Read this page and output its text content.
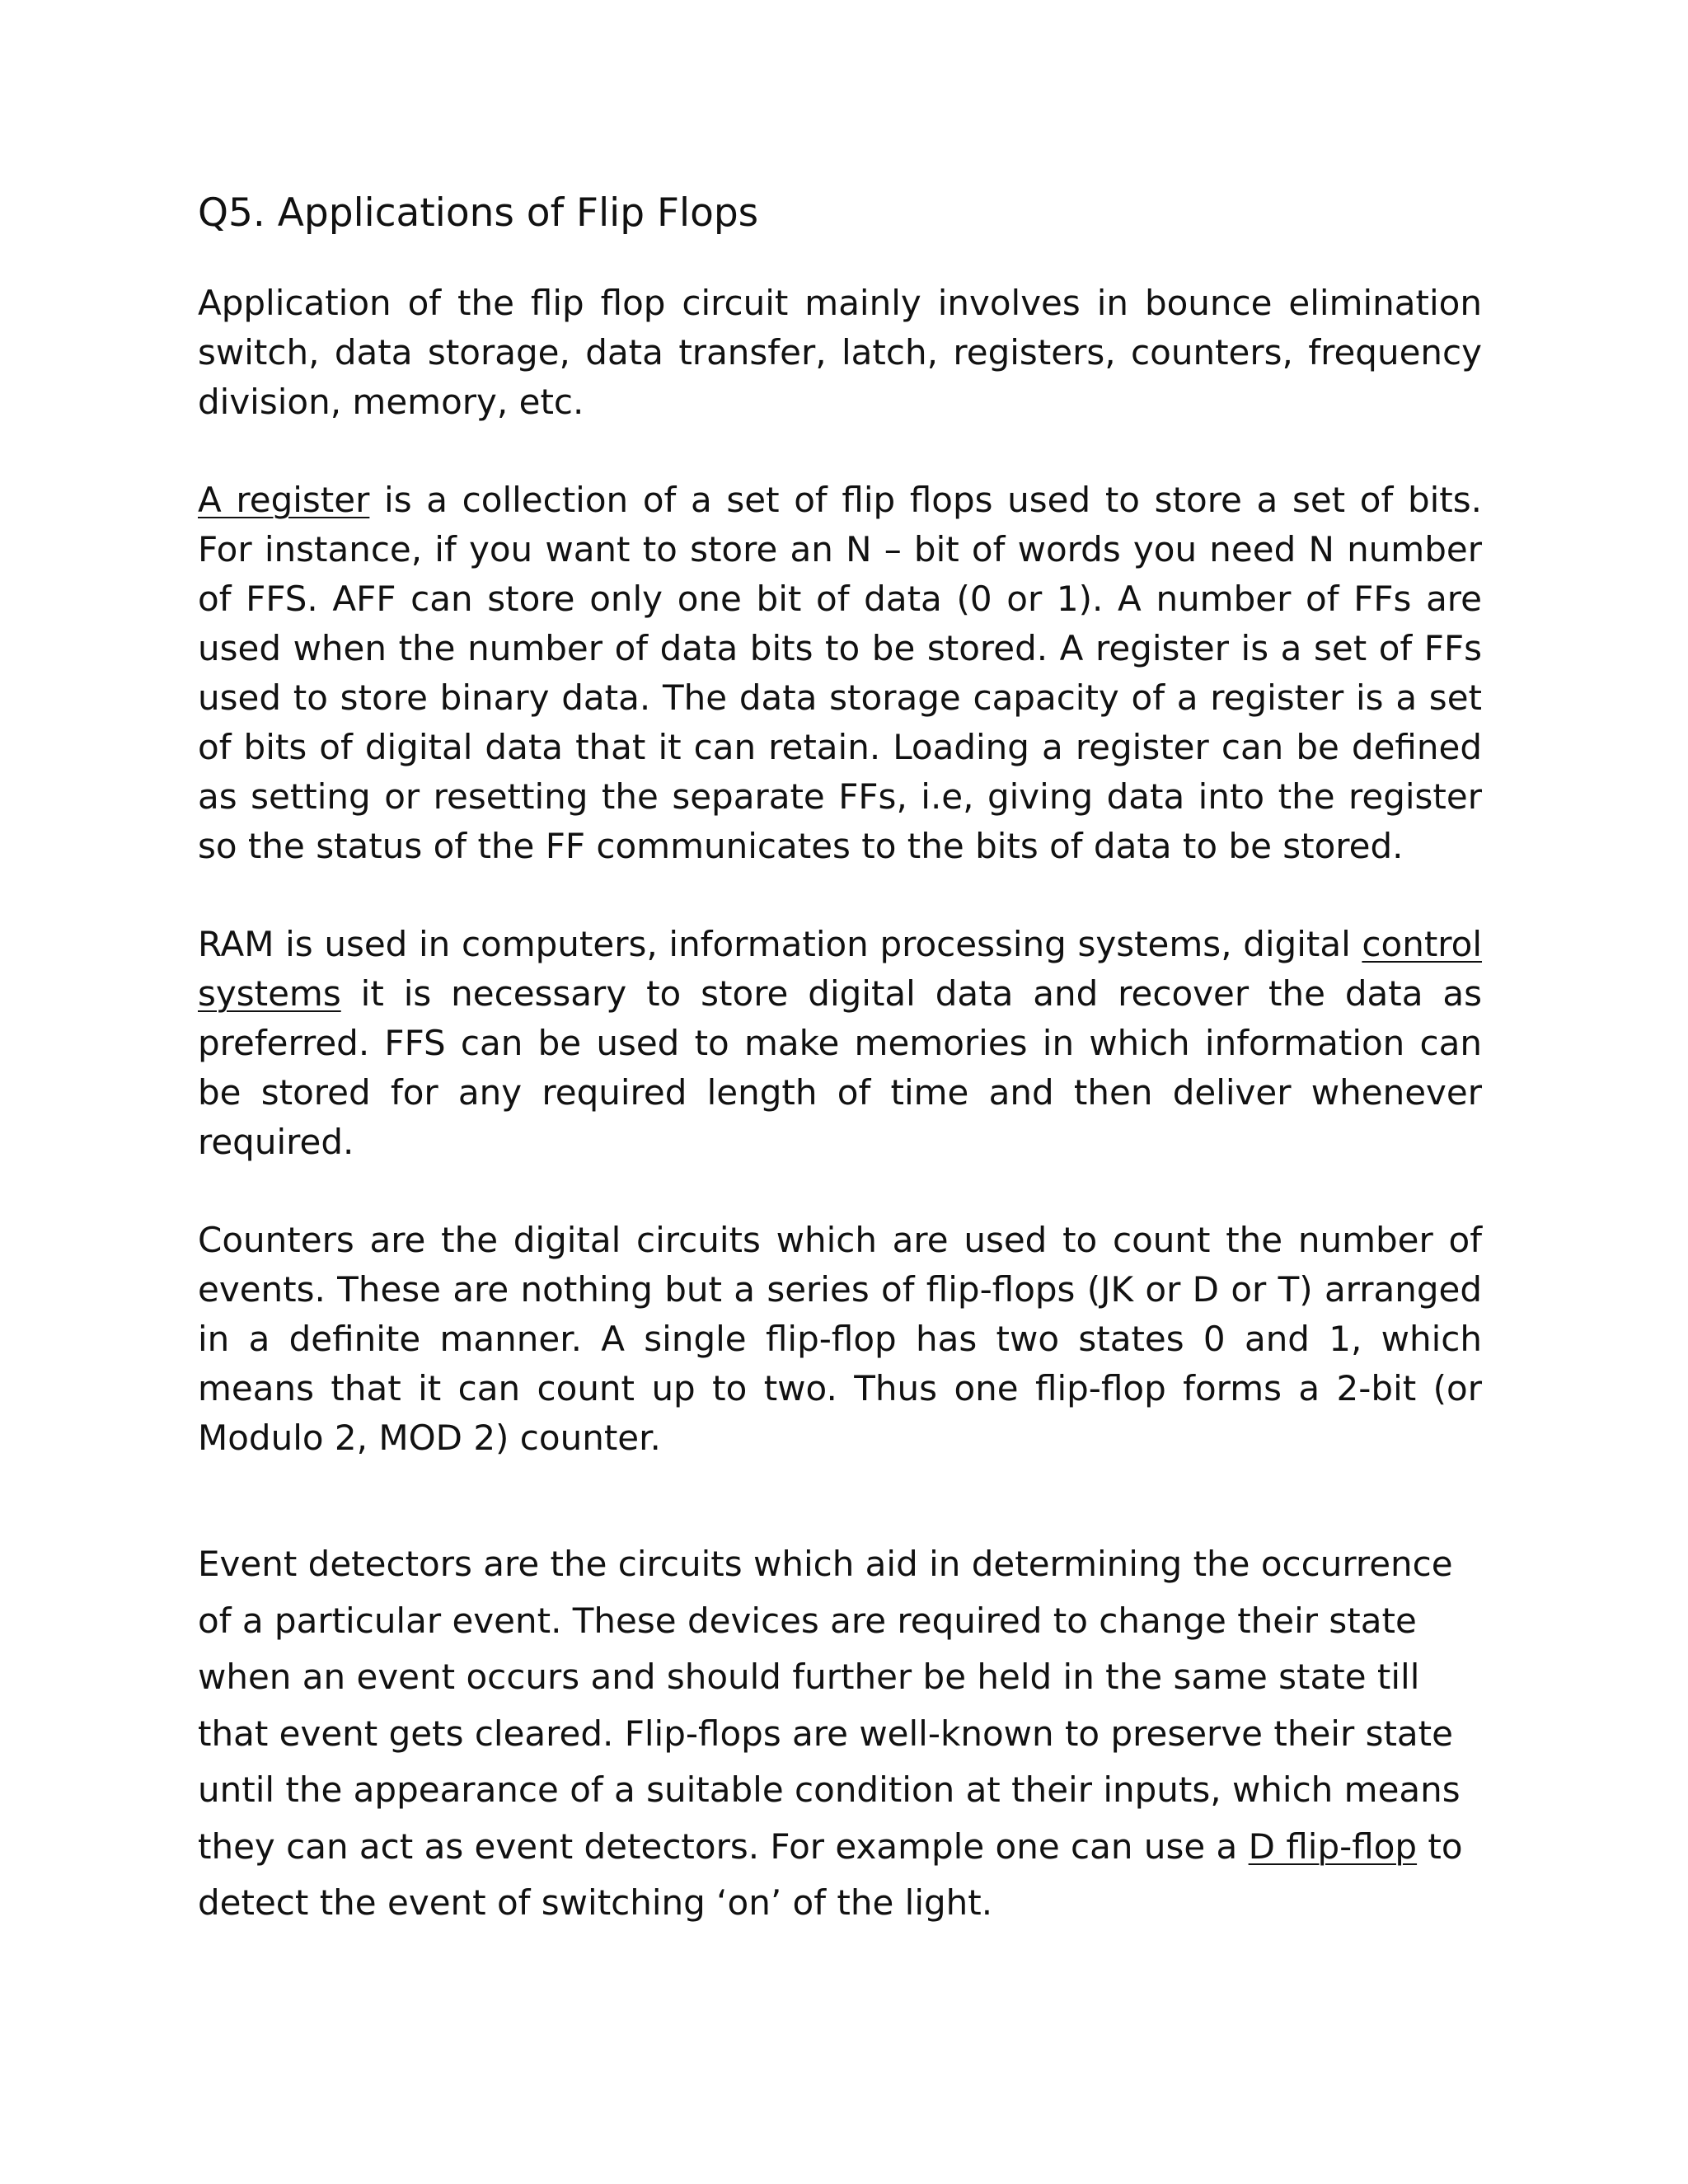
Q5. Applications of Flip Flops

Application of the flip flop circuit mainly involves in bounce elimination switch, data storage, data transfer, latch, registers, counters, frequency division, memory, etc.

A register is a collection of a set of flip flops used to store a set of bits. For instance, if you want to store an N – bit of words you need N number of FFS. AFF can store only one bit of data (0 or 1). A number of FFs are used when the number of data bits to be stored. A register is a set of FFs used to store binary data. The data storage capacity of a register is a set of bits of digital data that it can retain. Loading a register can be defined as setting or resetting the separate FFs, i.e, giving data into the register so the status of the FF communicates to the bits of data to be stored.

RAM is used in computers, information processing systems, digital control systems it is necessary to store digital data and recover the data as preferred. FFS can be used to make memories in which information can be stored for any required length of time and then deliver whenever required.

Counters are the digital circuits which are used to count the number of events. These are nothing but a series of flip-flops (JK or D or T) arranged in a definite manner. A single flip-flop has two states 0 and 1, which means that it can count up to two. Thus one flip-flop forms a 2-bit (or Modulo 2, MOD 2) counter.

Event detectors are the circuits which aid in determining the occurrence of a particular event. These devices are required to change their state when an event occurs and should further be held in the same state till that event gets cleared. Flip-flops are well-known to preserve their state until the appearance of a suitable condition at their inputs, which means they can act as event detectors. For example one can use a D flip-flop to detect the event of switching ‘on’ of the light.
